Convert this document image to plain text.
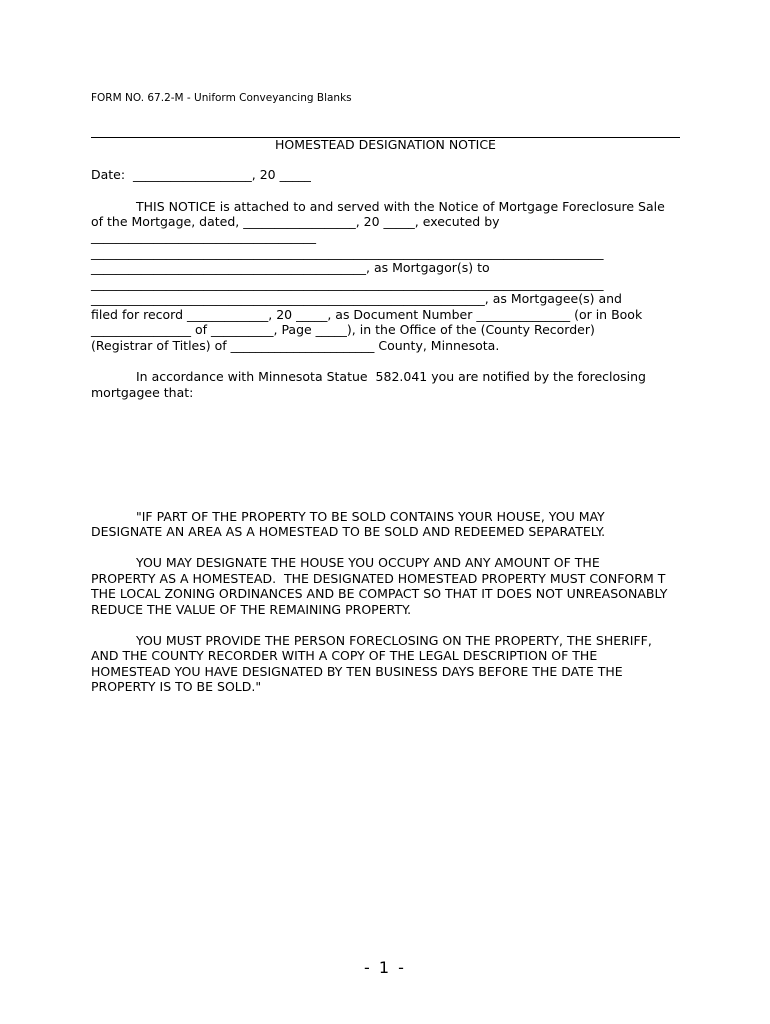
FORM NO. 67.2-M - Uniform Conveyancing Blanks
HOMESTEAD DESIGNATION NOTICE
Date:  ___________________, 20 _____
THIS NOTICE is attached to and served with the Notice of Mortgage Foreclosure Sale
of the Mortgage, dated, __________________, 20 _____, executed by
____________________________________
__________________________________________________________________________________
____________________________________________, as Mortgagor(s) to
__________________________________________________________________________________
_______________________________________________________________, as Mortgagee(s) and
filed for record _____________, 20 _____, as Document Number _______________ (or in Book
________________ of __________, Page _____), in the Office of the (County Recorder)
(Registrar of Titles) of _______________________ County, Minnesota.
In accordance with Minnesota Statue  582.041 you are notified by the foreclosing
mortgagee that:
"IF PART OF THE PROPERTY TO BE SOLD CONTAINS YOUR HOUSE, YOU MAY
DESIGNATE AN AREA AS A HOMESTEAD TO BE SOLD AND REDEEMED SEPARATELY.
YOU MAY DESIGNATE THE HOUSE YOU OCCUPY AND ANY AMOUNT OF THE
PROPERTY AS A HOMESTEAD.  THE DESIGNATED HOMESTEAD PROPERTY MUST CONFORM T
THE LOCAL ZONING ORDINANCES AND BE COMPACT SO THAT IT DOES NOT UNREASONABLY
REDUCE THE VALUE OF THE REMAINING PROPERTY.
YOU MUST PROVIDE THE PERSON FORECLOSING ON THE PROPERTY, THE SHERIFF,
AND THE COUNTY RECORDER WITH A COPY OF THE LEGAL DESCRIPTION OF THE
HOMESTEAD YOU HAVE DESIGNATED BY TEN BUSINESS DAYS BEFORE THE DATE THE
PROPERTY IS TO BE SOLD."
- 1 -
